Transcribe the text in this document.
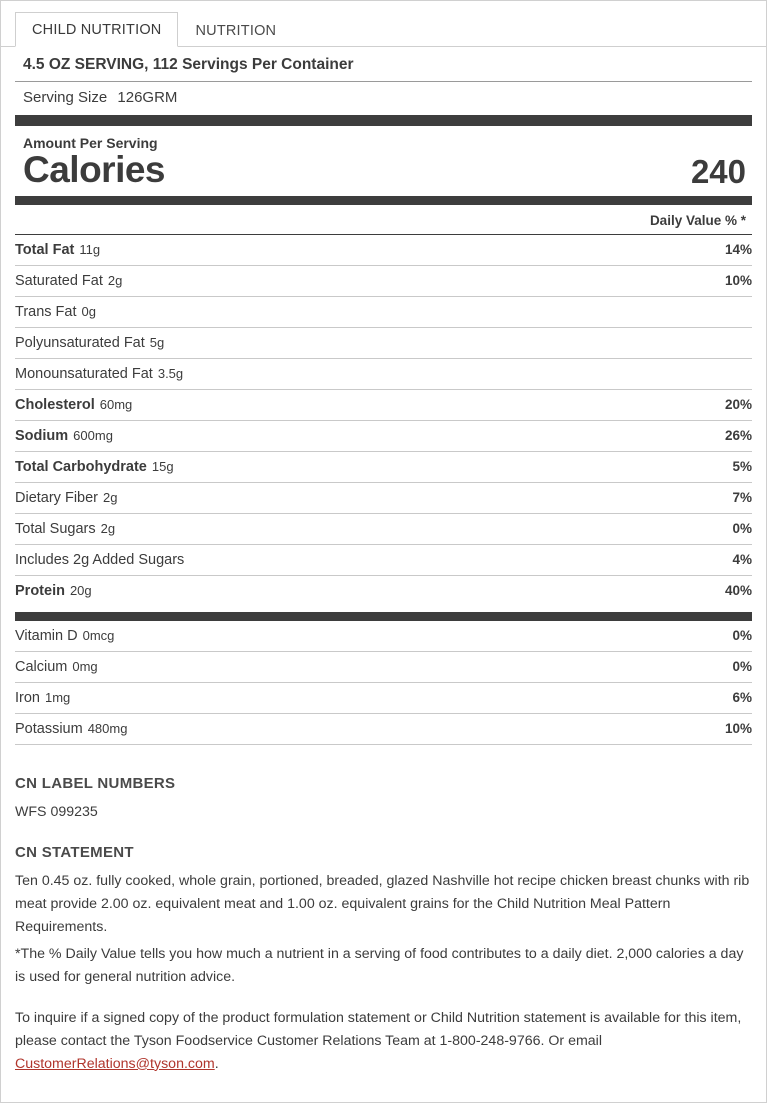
CHILD NUTRITION	NUTRITION
4.5 OZ SERVING, 112 Servings Per Container
Serving Size 126GRM
Amount Per Serving
Calories	240
Daily Value % *
Total Fat 11g	14%
Saturated Fat 2g	10%
Trans Fat 0g	
Polyunsaturated Fat 5g	
Monounsaturated Fat 3.5g	
Cholesterol 60mg	20%
Sodium 600mg	26%
Total Carbohydrate 15g	5%
Dietary Fiber 2g	7%
Total Sugars 2g	0%
Includes 2g Added Sugars	4%
Protein 20g	40%
Vitamin D 0mcg	0%
Calcium 0mg	0%
Iron 1mg	6%
Potassium 480mg	10%
CN LABEL NUMBERS
WFS 099235
CN STATEMENT

Ten 0.45 oz. fully cooked, whole grain, portioned, breaded, glazed Nashville hot recipe chicken breast chunks with rib meat provide 2.00 oz. equivalent meat and 1.00 oz. equivalent grains for the Child Nutrition Meal Pattern Requirements.

*The % Daily Value tells you how much a nutrient in a serving of food contributes to a daily diet. 2,000 calories a day is used for general nutrition advice.

To inquire if a signed copy of the product formulation statement or Child Nutrition statement is available for this item, please contact the Tyson Foodservice Customer Relations Team at 1-800-248-9766. Or email CustomerRelations@tyson.com.
